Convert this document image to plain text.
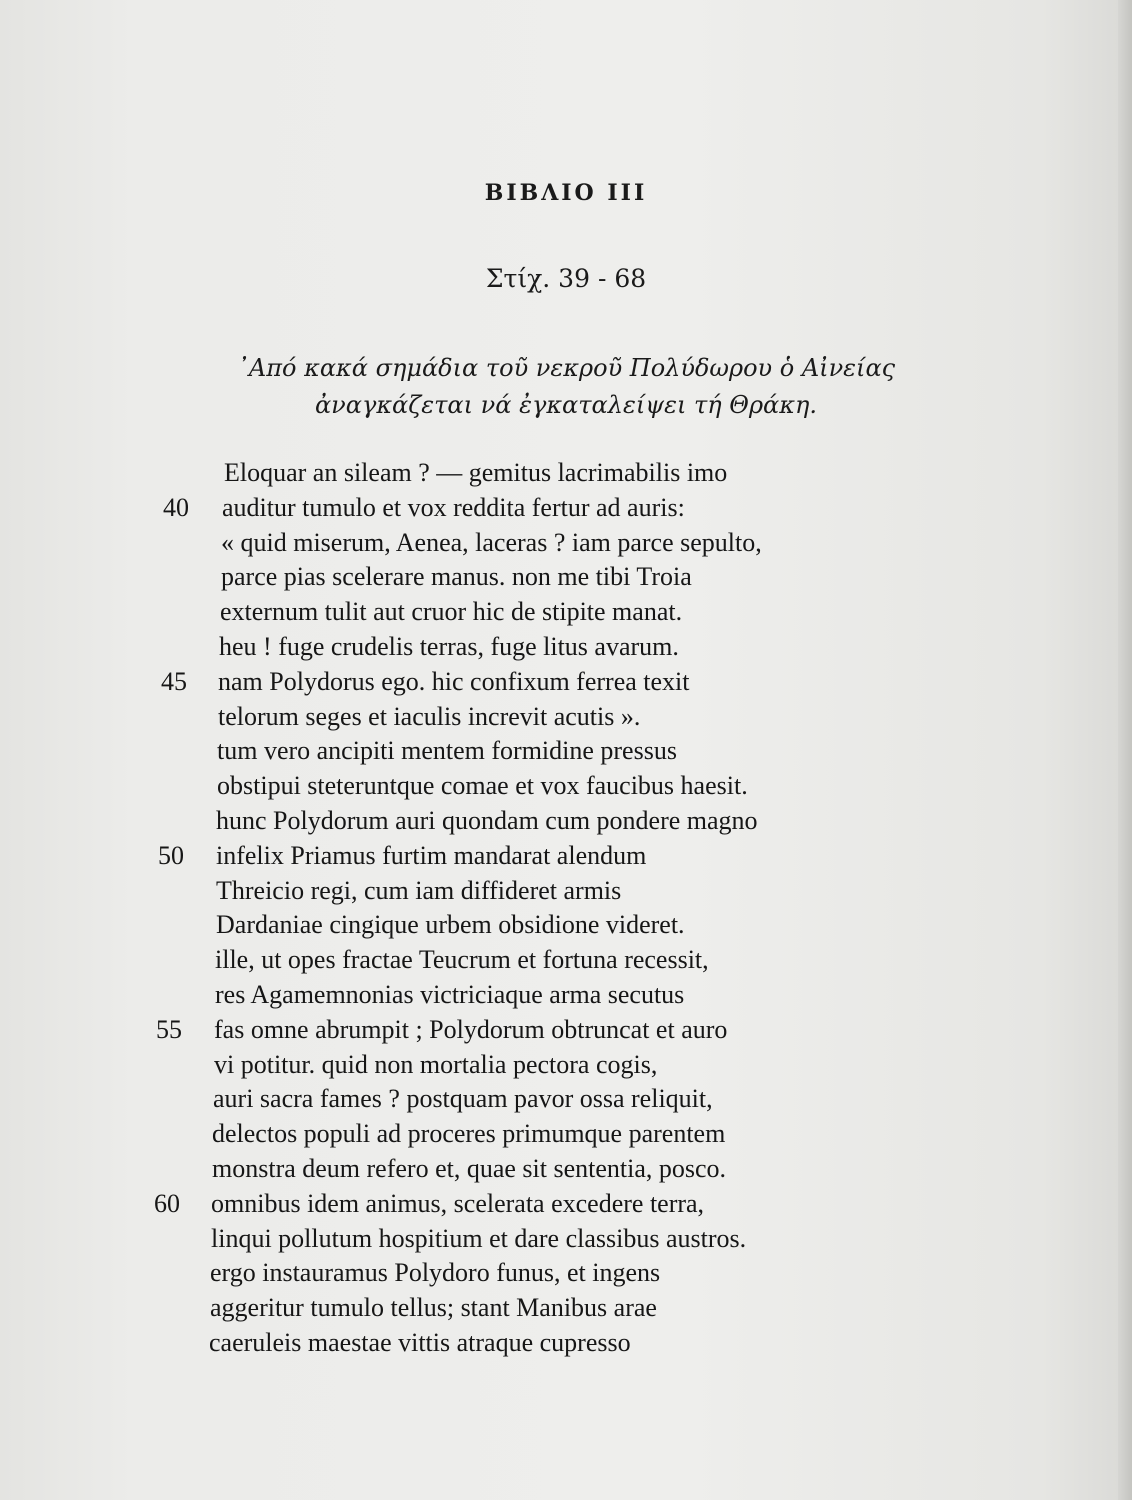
ΒΙΒΛΙΟ III
Στίχ. 39 - 68
᾿Από κακά σημάδια τοῦ νεκροῦ Πολύδωρου ὁ Αἰνείας
ἀναγκάζεται νά ἐγκαταλείψει τή Θράκη.
Eloquar an sileam ? — gemitus lacrimabilis imo
40	auditur tumulo et vox reddita fertur ad auris:
« quid miserum, Aenea, laceras ? iam parce sepulto,
parce pias scelerare manus. non me tibi Troia
externum tulit aut cruor hic de stipite manat.
heu ! fuge crudelis terras, fuge litus avarum.
45	nam Polydorus ego. hic confixum ferrea texit
telorum seges et iaculis increvit acutis ».
tum vero ancipiti mentem formidine pressus
obstipui steteruntque comae et vox faucibus haesit.
hunc Polydorum auri quondam cum pondere magno
50	infelix Priamus furtim mandarat alendum
Threicio regi, cum iam diffideret armis
Dardaniae cingique urbem obsidione videret.
ille, ut opes fractae Teucrum et fortuna recessit,
res Agamemnonias victriciaque arma secutus
55	fas omne abrumpit ; Polydorum obtruncat et auro
vi potitur. quid non mortalia pectora cogis,
auri sacra fames ? postquam pavor ossa reliquit,
delectos populi ad proceres primumque parentem
monstra deum refero et, quae sit sententia, posco.
60	omnibus idem animus, scelerata excedere terra,
linqui pollutum hospitium et dare classibus austros.
ergo instauramus Polydoro funus, et ingens
aggeritur tumulo tellus; stant Manibus arae
caeruleis maestae vittis atraque cupresso
